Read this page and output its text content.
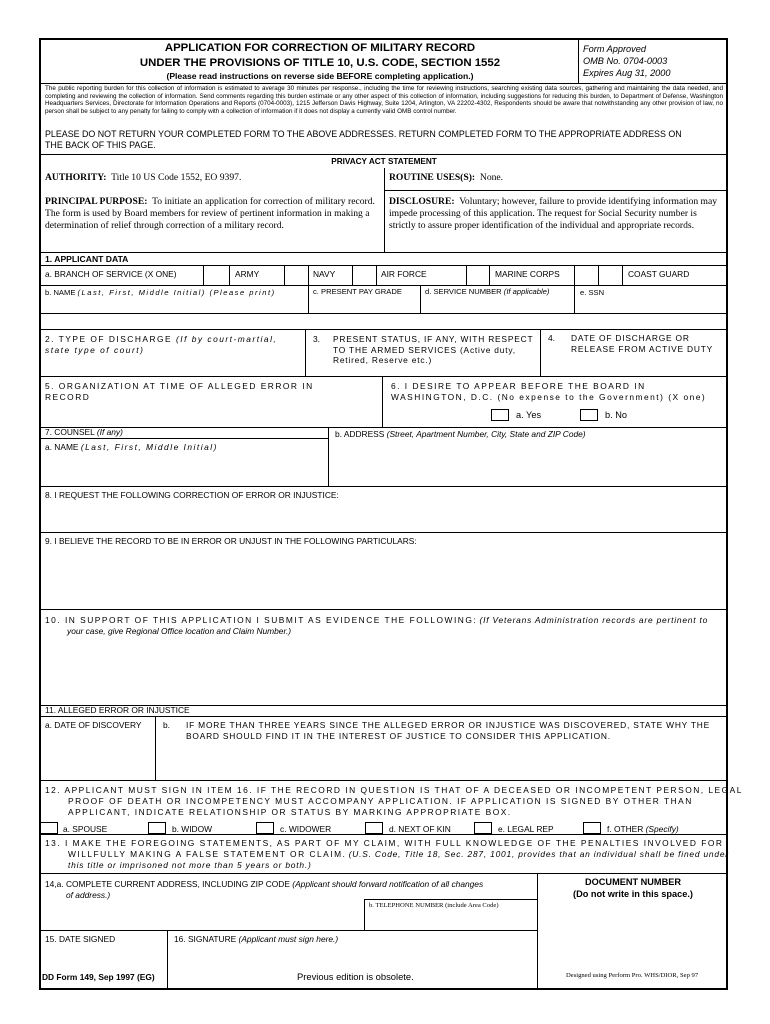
APPLICATION FOR CORRECTION OF MILITARY RECORD
UNDER THE PROVISIONS OF TITLE 10, U.S. CODE, SECTION 1552
(Please read instructions on reverse side BEFORE completing application.)
Form Approved
OMB No. 0704-0003
Expires Aug 31, 2000
The public reporting burden for this collection of information is estimated to average 30 minutes per response., including the time for reviewing instructions, searching existing data sources, gathering and maintaining the data needed, and completing and reviewing the collection of information. Send comments regarding this burden estimate or any other aspect of this collection of information, including suggestions for reducing this burden, to Department of Defense, Washington Headquarters Services, Directorate for Information Operations and Reports (0704-0003), 1215 Jefferson Davis Highway, Suite 1204, Arlington, VA 22202-4302, Respondents should be aware that notwithstanding any other provision of law, no person shall be subject to any penalty for failing to comply with a collection of information if it does not display a currently valid OMB control number.
PLEASE DO NOT RETURN YOUR COMPLETED FORM TO THE ABOVE ADDRESSES. RETURN COMPLETED FORM TO THE APPROPRIATE ADDRESS ON THE BACK OF THIS PAGE.
PRIVACY ACT STATEMENT
AUTHORITY: Title 10 US Code 1552, EO 9397.	ROUTINE USES(S): None.
PRINCIPAL PURPOSE: To initiate an application for correction of military record. The form is used by Board members for review of pertinent information in making a determination of relief through correction of a military record.
DISCLOSURE: Voluntary; however, failure to provide identifying information may impede processing of this application. The request for Social Security number is strictly to assure proper identification of the individual and appropriate records.
1. APPLICANT DATA
a. BRANCH OF SERVICE (X ONE)	ARMY	NAVY	AIR FORCE	MARINE CORPS	COAST GUARD
b. NAME (Last, First, Middle Initial) (Please print)	c. PRESENT PAY GRADE	d. SERVICE NUMBER (If applicable)	e. SSN
2. TYPE OF DISCHARGE (If by court-martial, state type of court)
3. PRESENT STATUS, IF ANY, WITH RESPECT TO THE ARMED SERVICES (Active duty, Retired, Reserve etc.)
4. DATE OF DISCHARGE OR RELEASE FROM ACTIVE DUTY
5. ORGANIZATION AT TIME OF ALLEGED ERROR IN RECORD
6. I DESIRE TO APPEAR BEFORE THE BOARD IN WASHINGTON, D.C. (No expense to the Government) (X one)
a. Yes	b. No
7. COUNSEL (If any)
a. NAME (Last, First, Middle Initial)
b. ADDRESS (Street, Apartment Number, City, State and ZIP Code)
8. I REQUEST THE FOLLOWING CORRECTION OF ERROR OR INJUSTICE:
9. I BELIEVE THE RECORD TO BE IN ERROR OR UNJUST IN THE FOLLOWING PARTICULARS:
10. IN SUPPORT OF THIS APPLICATION I SUBMIT AS EVIDENCE THE FOLLOWING: (If Veterans Administration records are pertinent to
your case, give Regional Office location and Claim Number.)
11. ALLEGED ERROR OR INJUSTICE
a. DATE OF DISCOVERY	b. IF MORE THAN THREE YEARS SINCE THE ALLEGED ERROR OR INJUSTICE WAS DISCOVERED, STATE WHY THE
BOARD SHOULD FIND IT IN THE INTEREST OF JUSTICE TO CONSIDER THIS APPLICATION.
12. APPLICANT MUST SIGN IN ITEM 16. IF THE RECORD IN QUESTION IS THAT OF A DECEASED OR INCOMPETENT PERSON, LEGAL
PROOF OF DEATH OR INCOMPETENCY MUST ACCOMPANY APPLICATION. IF APPLICATION IS SIGNED BY OTHER THAN
APPLICANT, INDICATE RELATIONSHIP OR STATUS BY MARKING APPROPRIATE BOX.
a. SPOUSE	b. WIDOW	c. WIDOWER	d. NEXT OF KIN	e. LEGAL REP	f. OTHER (Specify)
13. I MAKE THE FOREGOING STATEMENTS, AS PART OF MY CLAIM, WITH FULL KNOWLEDGE OF THE PENALTIES INVOLVED FOR
WILLFULLY MAKING A FALSE STATEMENT OR CLAIM. (U.S. Code, Title 18, Sec. 287, 1001, provides that an individual shall be fined under
this title or imprisoned not more than 5 years or both.)
14,a. COMPLETE CURRENT ADDRESS, INCLUDING ZIP CODE (Applicant should forward notification of all changes
of address.)
b. TELEPHONE NUMBER (include Area Code)
DOCUMENT NUMBER
(Do not write in this space.)
15. DATE SIGNED	16. SIGNATURE (Applicant must sign here.)
DD Form 149, Sep 1997 (EG)	Previous edition is obsolete.	Designed using Perform Pro. WHS/DIOR, Sep 97
